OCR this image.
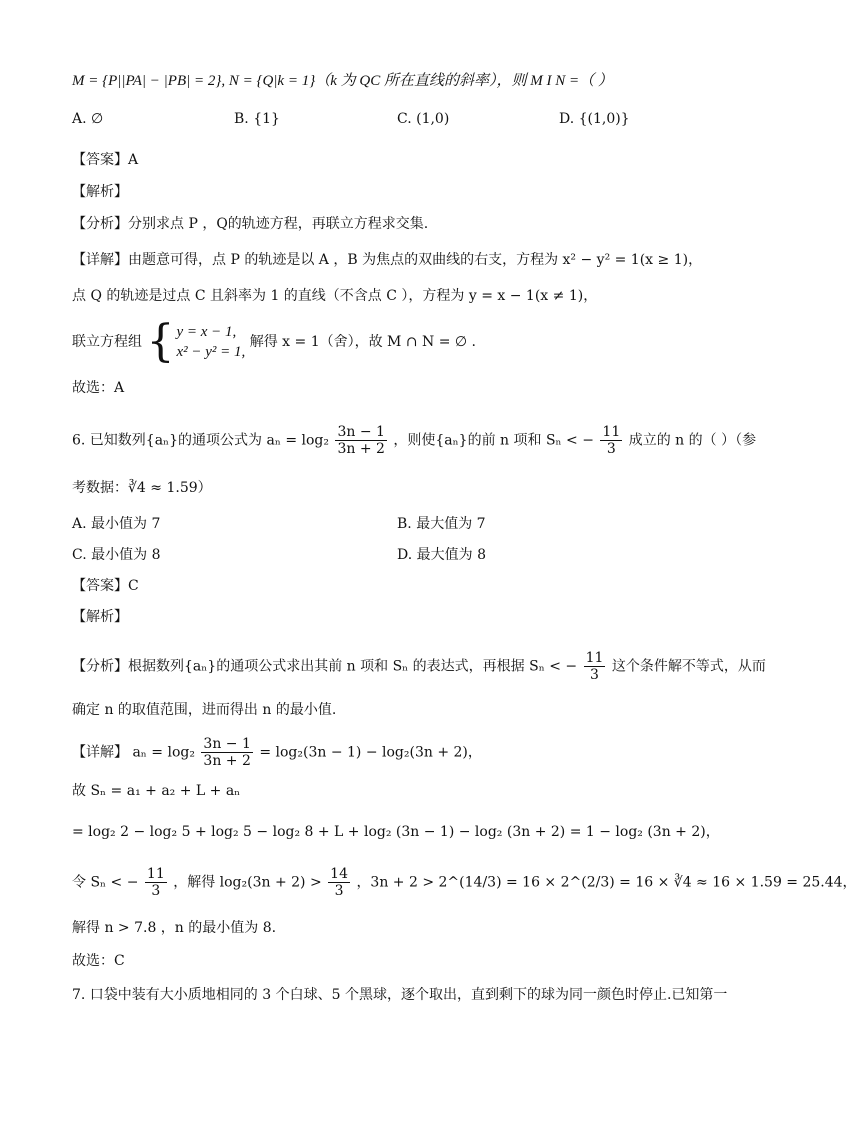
M = {P||PA| − |PB| = 2}, N = {Q|k = 1}（k 为 QC 所在直线的斜率），则 M I N =（ ）
A. ∅	B. {1}	C. (1,0)	D. {(1,0)}
【答案】A
【解析】
【分析】分别求点 P ，Q的轨迹方程，再联立方程求交集.
【详解】由题意可得，点 P 的轨迹是以 A ，B 为焦点的双曲线的右支，方程为 x² − y² = 1(x ≥ 1)，
点 Q 的轨迹是过点 C 且斜率为 1 的直线（不含点 C ），方程为 y = x − 1(x ≠ 1)，
联立方程组 { y = x − 1,
x² − y² = 1,
解得 x = 1（舍），故 M ∩ N = ∅ .
故选：A
6. 已知数列{aₙ}的通项公式为 $a_n = \log_2 \frac{3n - 1}{3n + 2}$ ，则使{aₙ}的前 n 项和 Sₙ < − $\frac{11}{3}$ 成立的 n 的（ ）（参
考数据：∛4 ≈ 1.59）
A. 最小值为 7	B. 最大值为 7
C. 最小值为 8	D. 最大值为 8
【答案】C
【解析】
【分析】根据数列{aₙ}的通项公式求出其前 n 项和 Sₙ 的表达式，再根据 Sₙ < − $\frac{11}{3}$ 这个条件解不等式，从而
确定 n 的取值范围，进而得出 n 的最小值.
【详解】 $a_n = \log_2 \frac{3n - 1}{3n + 2} = \log_2(3n - 1) - \log_2(3n + 2)$，
故 Sₙ = a₁ + a₂ + L + aₙ
= log₂ 2 − log₂ 5 + log₂ 5 − log₂ 8 + L + log₂ (3n − 1) − log₂ (3n + 2) = 1 − log₂ (3n + 2)，
令 Sₙ < − $\frac{11}{3}$ ，解得 $\log_2(3n + 2) > \frac{14}{3}$ ，3n + 2 > 2^(14/3) = 16 × 2^(2/3) = 16 × ∛4 ≈ 16 × 1.59 = 25.44，
解得 n > 7.8 ，n 的最小值为 8.
故选：C
7. 口袋中装有大小质地相同的 3 个白球、5 个黑球，逐个取出，直到剩下的球为同一颜色时停止.已知第一
